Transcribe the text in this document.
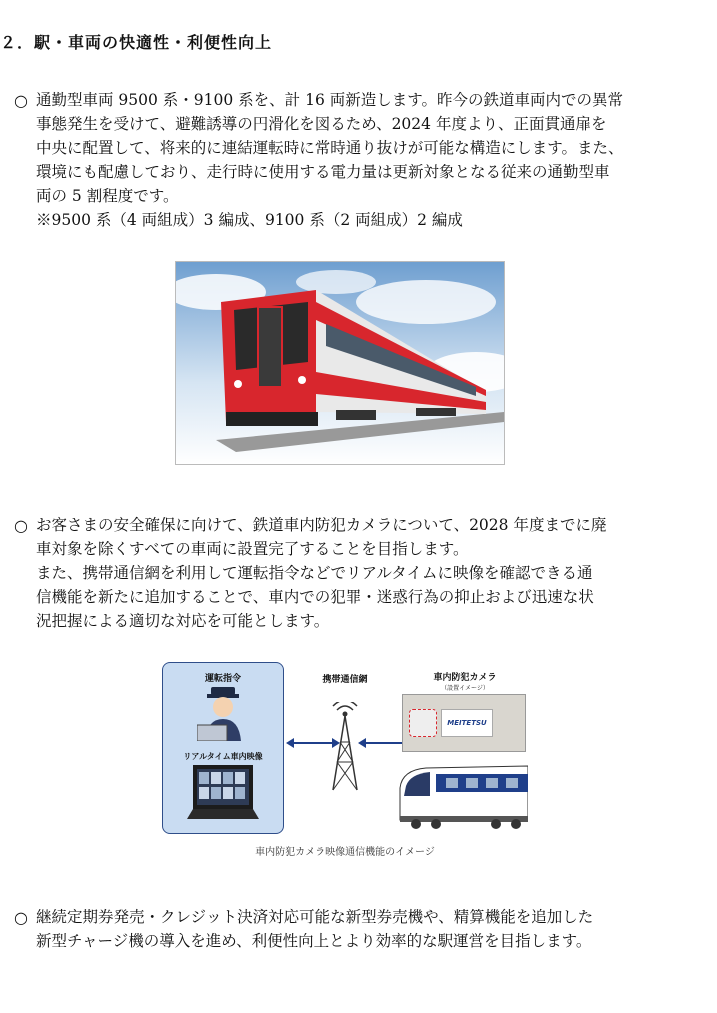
２．駅・車両の快適性・利便性向上
○ 通勤型車両 9500 系・9100 系を、計 16 両新造します。昨今の鉄道車両内での異常
事態発生を受けて、避難誘導の円滑化を図るため、2024 年度より、正面貫通扉を
中央に配置して、将来的に連結運転時に常時通り抜けが可能な構造にします。また、
環境にも配慮しており、走行時に使用する電力量は更新対象となる従来の通勤型車
両の 5 割程度です。
※9500 系（4 両組成）3 編成、9100 系（2 両組成）2 編成
○ お客さまの安全確保に向けて、鉄道車内防犯カメラについて、2028 年度までに廃
車対象を除くすべての車両に設置完了することを目指します。
また、携帯通信網を利用して運転指令などでリアルタイムに映像を確認できる通
信機能を新たに追加することで、車内での犯罪・迷惑行為の抑止および迅速な状
況把握による適切な対応を可能とします。
運転指令
リアルタイム車内映像
携帯通信網	車内防犯カメラ
（設置イメージ）
MEITETSU
車内防犯カメラ映像通信機能のイメージ
○ 継続定期券発売・クレジット決済対応可能な新型券売機や、精算機能を追加した
新型チャージ機の導入を進め、利便性向上とより効率的な駅運営を目指します。
